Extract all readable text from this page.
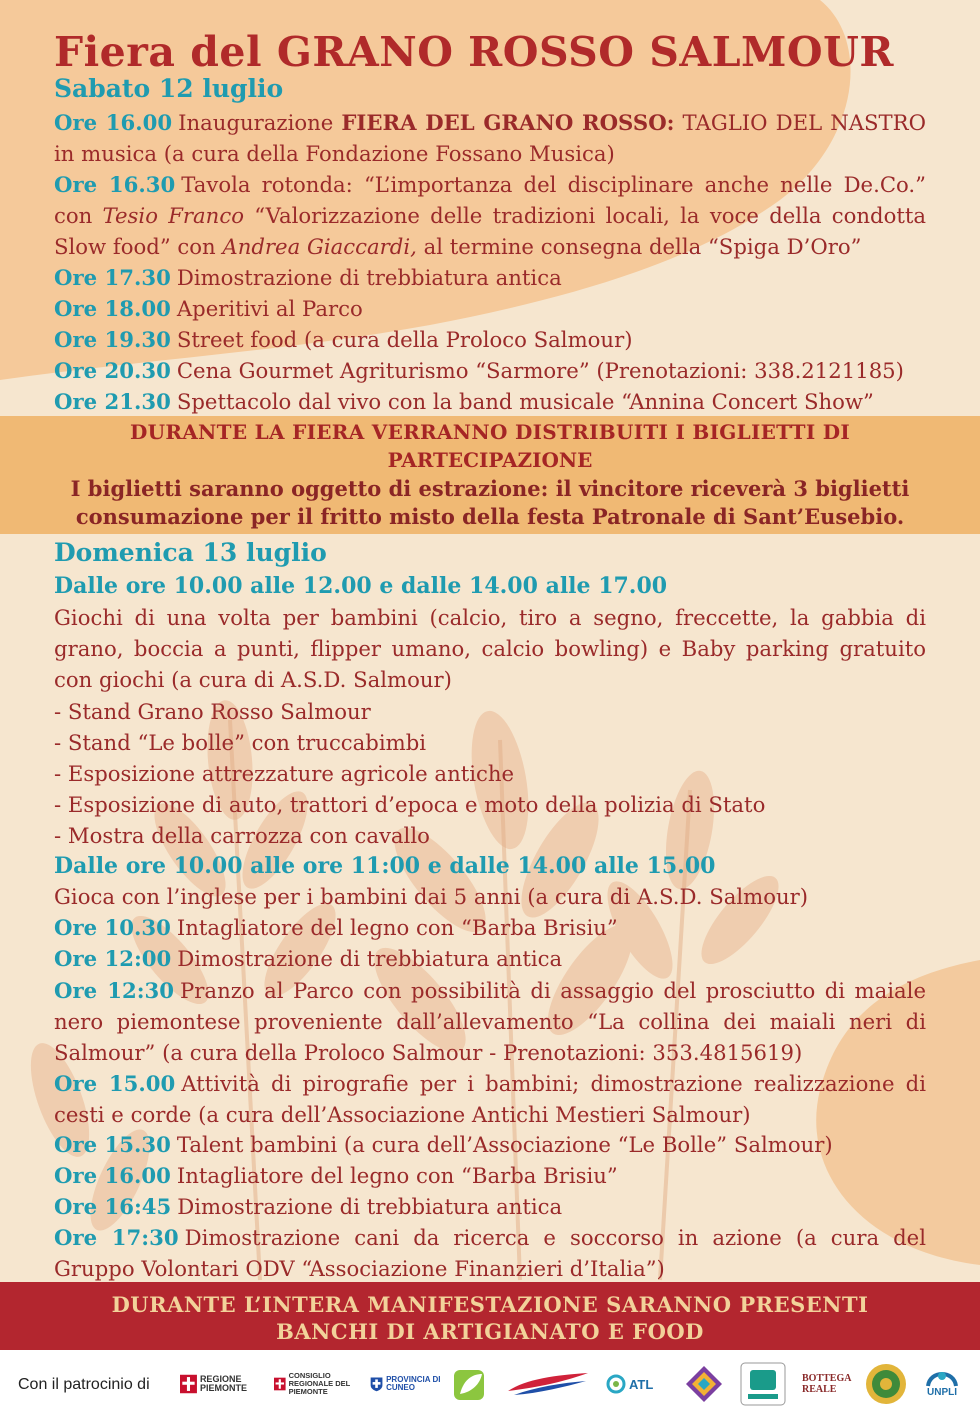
Fiera del GRANO ROSSO SALMOUR
Sabato 12 luglio
Ore 16.00 Inaugurazione FIERA DEL GRANO ROSSO: TAGLIO DEL NASTRO in musica (a cura della Fondazione Fossano Musica)
Ore 16.30 Tavola rotonda: “L’importanza del disciplinare anche nelle De.Co.” con Tesio Franco “Valorizzazione delle tradizioni locali, la voce della condotta Slow food” con Andrea Giaccardi, al termine consegna della “Spiga D’Oro”
Ore 17.30 Dimostrazione di trebbiatura antica
Ore 18.00 Aperitivi al Parco
Ore 19.30 Street food (a cura della Proloco Salmour)
Ore 20.30 Cena Gourmet Agriturismo “Sarmore” (Prenotazioni: 338.2121185)
Ore 21.30 Spettacolo dal vivo con la band musicale “Annina Concert Show”
DURANTE LA FIERA VERRANNO DISTRIBUITI I BIGLIETTI DI
PARTECIPAZIONE
I biglietti saranno oggetto di estrazione: il vincitore riceverà 3 biglietti
consumazione per il fritto misto della festa Patronale di Sant’Eusebio.
Domenica 13 luglio
Dalle ore 10.00 alle 12.00 e dalle 14.00 alle 17.00
Giochi di una volta per bambini (calcio, tiro a segno, freccette, la gabbia di grano, boccia a punti, flipper umano, calcio bowling) e Baby parking gratuito con giochi (a cura di A.S.D. Salmour)
- Stand Grano Rosso Salmour
- Stand “Le bolle” con truccabimbi
- Esposizione attrezzature agricole antiche
- Esposizione di auto, trattori d’epoca e moto della polizia di Stato
- Mostra della carrozza con cavallo
Dalle ore 10.00 alle ore 11:00 e dalle 14.00 alle 15.00
Gioca con l’inglese per i bambini dai 5 anni (a cura di A.S.D. Salmour)
Ore 10.30 Intagliatore del legno con “Barba Brisiu”
Ore 12:00 Dimostrazione di trebbiatura antica
Ore 12:30 Pranzo al Parco con possibilità di assaggio del prosciutto di maiale nero piemontese proveniente dall’allevamento “La collina dei maiali neri di Salmour” (a cura della Proloco Salmour - Prenotazioni: 353.4815619)
Ore 15.00 Attività di pirografie per i bambini; dimostrazione realizzazione di cesti e corde (a cura dell’Associazione Antichi Mestieri Salmour)
Ore 15.30 Talent bambini (a cura dell’Associazione “Le Bolle” Salmour)
Ore 16.00 Intagliatore del legno con “Barba Brisiu”
Ore 16:45 Dimostrazione di trebbiatura antica
Ore 17:30 Dimostrazione cani da ricerca e soccorso in azione (a cura del Gruppo Volontari ODV “Associazione Finanzieri d’Italia”)
DURANTE L’INTERA MANIFESTAZIONE SARANNO PRESENTI
BANCHI DI ARTIGIANATO E FOOD
Con il patrocinio di	REGIONE PIEMONTE
CONSIGLIO REGIONALE DEL PIEMONTE
PROVINCIA DI CUNEO	ATL	BOTTEGA REALE	UNPLI
